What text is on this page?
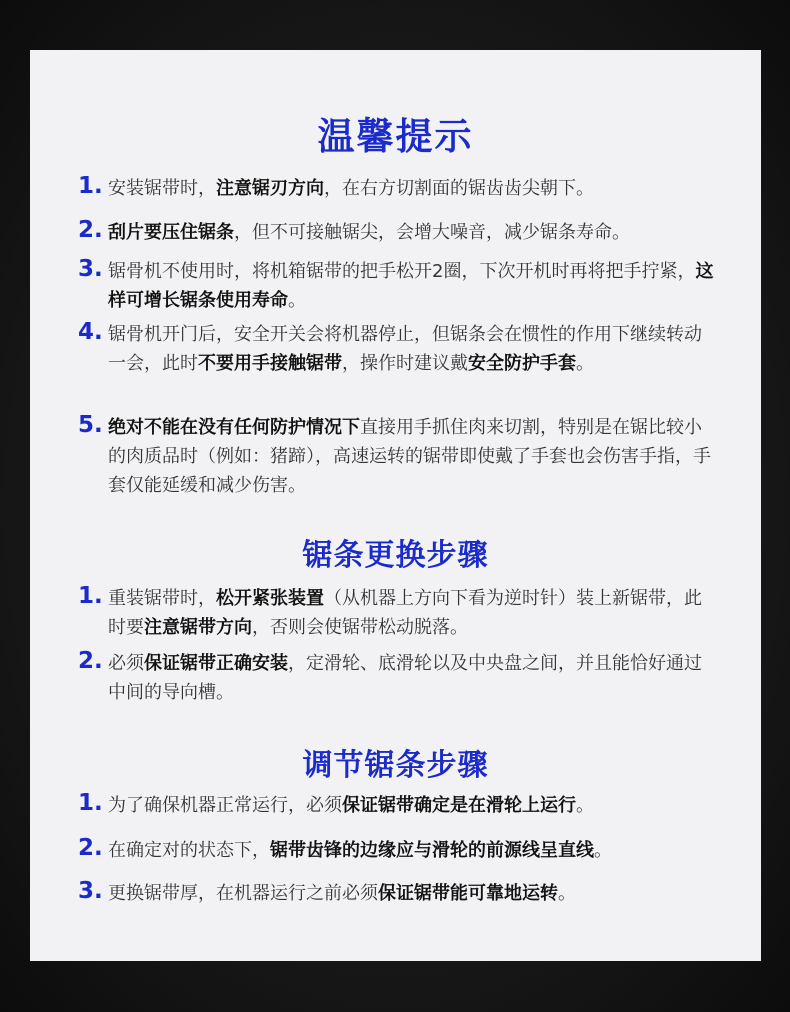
温馨提示
1. 安装锯带时，注意锯刃方向，在右方切割面的锯齿齿尖朝下。
2. 刮片要压住锯条，但不可接触锯尖，会增大噪音，减少锯条寿命。
3. 锯骨机不使用时，将机箱锯带的把手松开2圈，下次开机时再将把手拧紧，这样可增长锯条使用寿命。
4. 锯骨机开门后，安全开关会将机器停止，但锯条会在惯性的作用下继续转动一会，此时不要用手接触锯带，操作时建议戴安全防护手套。
5. 绝对不能在没有任何防护情况下直接用手抓住肉来切割，特别是在锯比较小的肉质品时（例如：猪蹄），高速运转的锯带即使戴了手套也会伤害手指，手套仅能延缓和减少伤害。
锯条更换步骤
1. 重装锯带时，松开紧张装置（从机器上方向下看为逆时针）装上新锯带，此时要注意锯带方向，否则会使锯带松动脱落。
2. 必须保证锯带正确安装，定滑轮、底滑轮以及中央盘之间，并且能恰好通过中间的导向槽。
调节锯条步骤
1. 为了确保机器正常运行，必须保证锯带确定是在滑轮上运行。
2. 在确定对的状态下，锯带齿锋的边缘应与滑轮的前源线呈直线。
3. 更换锯带厚，在机器运行之前必须保证锯带能可靠地运转。
